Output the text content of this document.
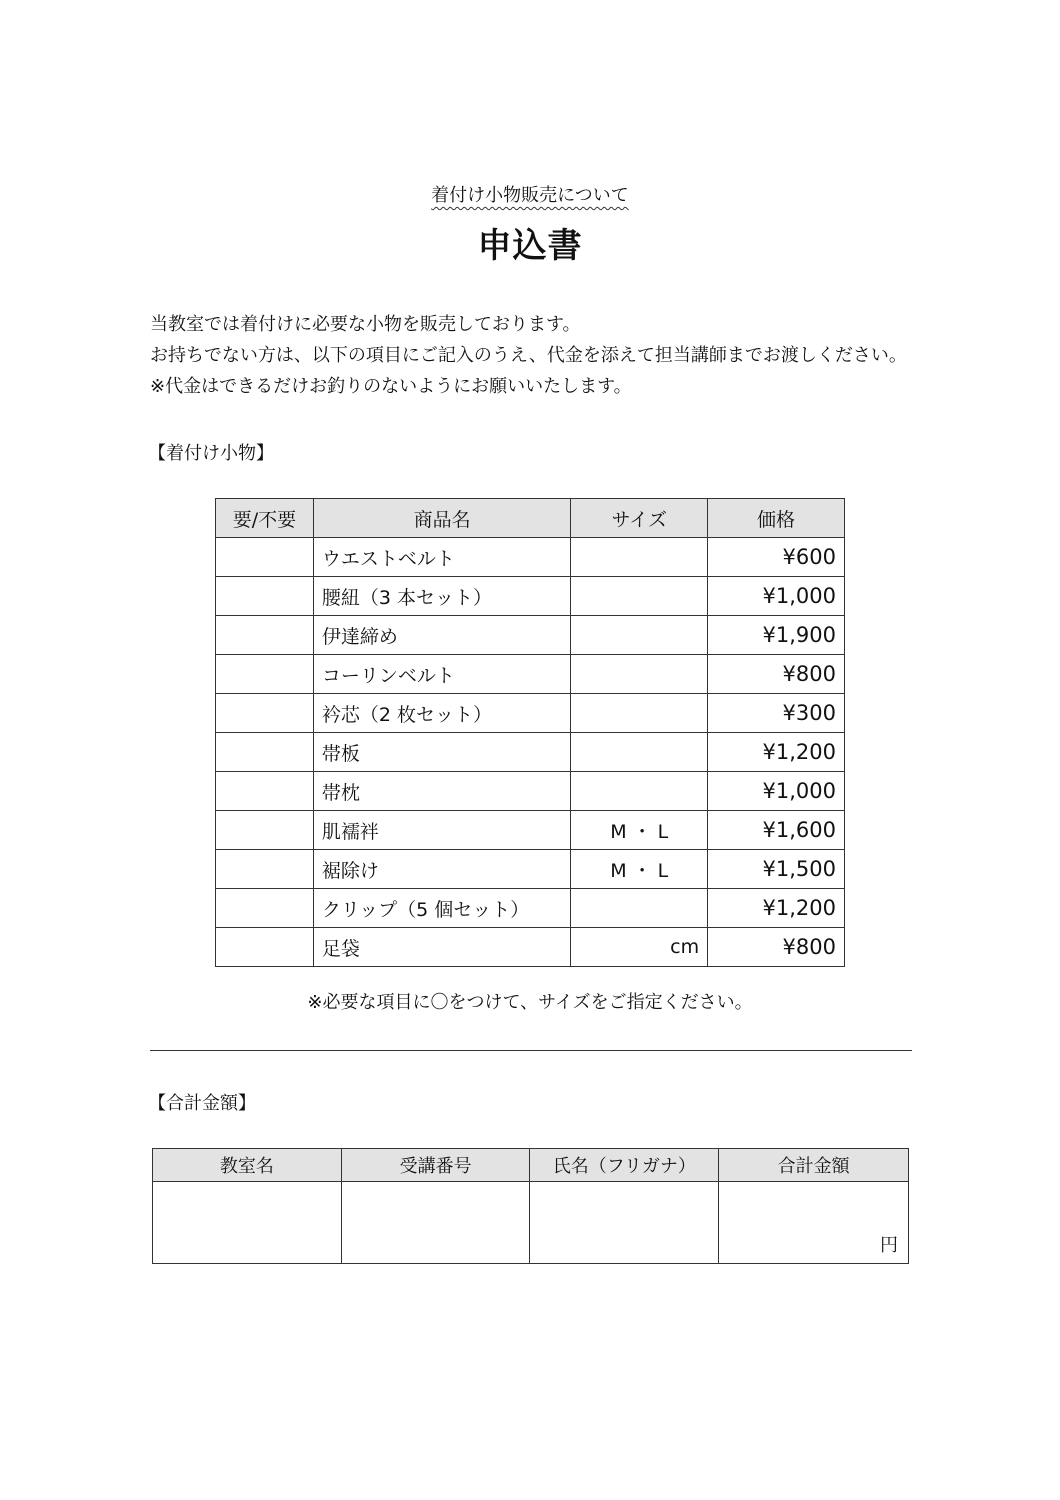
着付け小物販売について
申込書

当教室では着付けに必要な小物を販売しております。

お持ちでない方は、以下の項目にご記入のうえ、代金を添えて担当講師までお渡しください。

※代金はできるだけお釣りのないようにお願いいたします。

【着付け小物】
要/不要	商品名	サイズ	価格
	ウエストベルト		¥600
	腰紐（3 本セット）		¥1,000
	伊達締め		¥1,900
	コーリンベルト		¥800
	衿芯（2 枚セット）		¥300
	帯板		¥1,200
	帯枕		¥1,000
	肌襦袢	M ・ L	¥1,600
	裾除け	M ・ L	¥1,500
	クリップ（5 個セット）		¥1,200
	足袋	cm	¥800
※必要な項目に〇をつけて、サイズをご指定ください。
【合計金額】
教室名	受講番号	氏名（フリガナ）	合計金額
			円
